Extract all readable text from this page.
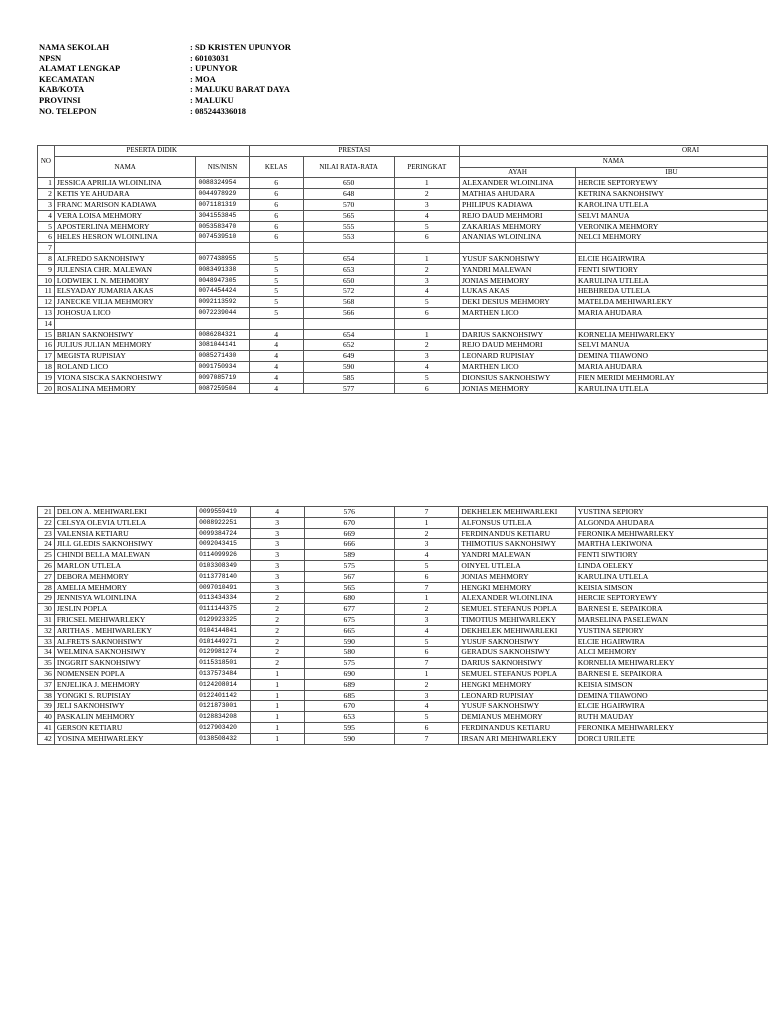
NAMA SEKOLAH	: SD KRISTEN UPUNYOR
NPSN	: 60103031
ALAMAT LENGKAP	: UPUNYOR
KECAMATAN	: MOA
KAB/KOTA	: MALUKU BARAT DAYA
PROVINSI	: MALUKU
NO. TELEPON	: 085244336018
NO	PESERTA DIDIK		PRESTASI			ORAI	
	NAMA	NIS/NISN	KELAS	NILAI RATA-RATA	PERINGKAT	NAMA	
						AYAH	IBU
1	JESSICA APRILIA WLOINLINA	0088324954	6	650	1	ALEXANDER WLOINLINA	HERCIE SEPTORYEWY
2	KETIS YE AHUDARA	0044978929	6	648	2	MATHIAS AHUDARA	KETRINA SAKNOHSIWY
3	FRANC MARISON KADIAWA	0071181319	6	570	3	PHILIPUS KADIAWA	KAROLINA UTLELA
4	VERA LOISA MEHMORY	3041553845	6	565	4	REJO DAUD MEHMORI	SELVI MANUA
5	APOSTERLINA MEHMORY	0053583470	6	555	5	ZAKARIAS MEHMORY	VERONIKA MEHMORY
6	HELES HESRON WLOINLINA	0074539510	6	553	6	ANANIAS WLOINLINA	NELCI MEHMORY
7							
8	ALFREDO SAKNOHSIWY	0077438955	5	654	1	YUSUF SAKNOHSIWY	ELCIE HGAIRWIRA
9	JULENSIA CHR. MALEWAN	0083491338	5	653	2	YANDRI MALEWAN	FENTI SIWTIORY
10	LODWIEK I. N. MEHMORY	0048947305	5	650	3	JONIAS MEHMORY	KARULINA UTLELA
11	ELSYADAY JUMARIA AKAS	0074454424	5	572	4	LUKAS AKAS	HEBHREDA UTLELA
12	JANECKE VILIA MEHMORY	0092113592	5	568	5	DEKI DESIUS MEHMORY	MATELDA MEHIWARLEKY
13	JOHOSUA LICO	0072239044	5	566	6	MARTHEN LICO	MARIA AHUDARA
14							
15	BRIAN SAKNOHSIWY	0086284321	4	654	1	DARIUS SAKNOHSIWY	KORNELIA MEHIWARLEKY
16	JULIUS JULIAN MEHMORY	3081044141	4	652	2	REJO DAUD MEHMORI	SELVI MANUA
17	MEGISTA RUPISIAY	0085271430	4	649	3	LEONARD RUPISIAY	DEMINA TIIAWONO
18	ROLAND LICO	0091750934	4	590	4	MARTHEN LICO	MARIA AHUDARA
19	VIONA SISCKA SAKNOHSIWY	0097085719	4	585	5	DIONSIUS SAKNOHSIWY	FIEN MERIDI MEHMORLAY
20	ROSALINA MEHMORY	0087259504	4	577	6	JONIAS MEHMORY	KARULINA UTLELA
21	DELON A. MEHIWARLEKI	0099559419	4	576	7	DEKHELEK MEHIWARLEKI	YUSTINA SEPIORY
22	CELSYA OLEVIA UTLELA	0088922251	3	670	1	ALFONSUS UTLELA	ALGONDA AHUDARA
23	VALENSIA KETIARU	0099384724	3	669	2	FERDINANDUS KETIARU	FERONIKA MEHIWARLEKY
24	JILL GLEDIS SAKNOHSIWY	0092043415	3	666	3	THIMOTIUS SAKNOHSIWY	MARTHA LEKIWONA
25	CHINDI BELLA MALEWAN	0114099926	3	589	4	YANDRI MALEWAN	FENTI SIWTIORY
26	MARLON UTLELA	0103308349	3	575	5	OINYEL UTLELA	LINDA OELEKY
27	DEBORA MEHMORY	0113778140	3	567	6	JONIAS MEHMORY	KARULINA UTLELA
28	AMELIA MEHMORY	0097010491	3	565	7	HENGKI MEHMORY	KEISIA SIMSON
29	JENNISYA WLOINLINA	0113434334	2	680	1	ALEXANDER WLOINLINA	HERCIE SEPTORYEWY
30	JESLIN POPLA	0111144375	2	677	2	SEMUEL STEFANUS POPLA	BARNESI E. SEPAIKORA
31	FRICSEL MEHIWARLEKY	0129923325	2	675	3	TIMOTIUS MEHIWARLEKY	MARSELINA PASELEWAN
32	ARITHAS . MEHIWARLEKY	0104144841	2	665	4	DEKHELEK MEHIWARLEKI	YUSTINA SEPIORY
33	ALFRETS SAKNOHSIWY	0101449271	2	590	5	YUSUF SAKNOHSIWY	ELCIE HGAIRWIRA
34	WELMINA SAKNOHSIWY	0129981274	2	580	6	GERADUS SAKNOHSIWY	ALCI MEHMORY
35	INGGRIT SAKNOHSIWY	0115318501	2	575	7	DARIUS SAKNOHSIWY	KORNELIA MEHIWARLEKY
36	NOMENSEN POPLA	0137573484	1	690	1	SEMUEL STEFANUS POPLA	BARNESI E. SEPAIKORA
37	ENJELIKA J. MEHMORY	0124208014	1	689	2	HENGKI MEHMORY	KEISIA SIMSON
38	YONGKI S. RUPISIAY	0122401142	1	685	3	LEONARD RUPISIAY	DEMINA TIIAWONO
39	JELI SAKNOHSIWY	0121873001	1	670	4	YUSUF SAKNOHSIWY	ELCIE HGAIRWIRA
40	PASKALIN MEHMORY	0128834208	1	653	5	DEMIANUS MEHMORY	RUTH MAUDAY
41	GERSON KETIARU	0127903420	1	595	6	FERDINANDUS KETIARU	FERONIKA MEHIWARLEKY
42	YOSINA MEHIWARLEKY	0138508432	1	590	7	IRSAN ARI MEHIWARLEKY	DORCI URILETE
